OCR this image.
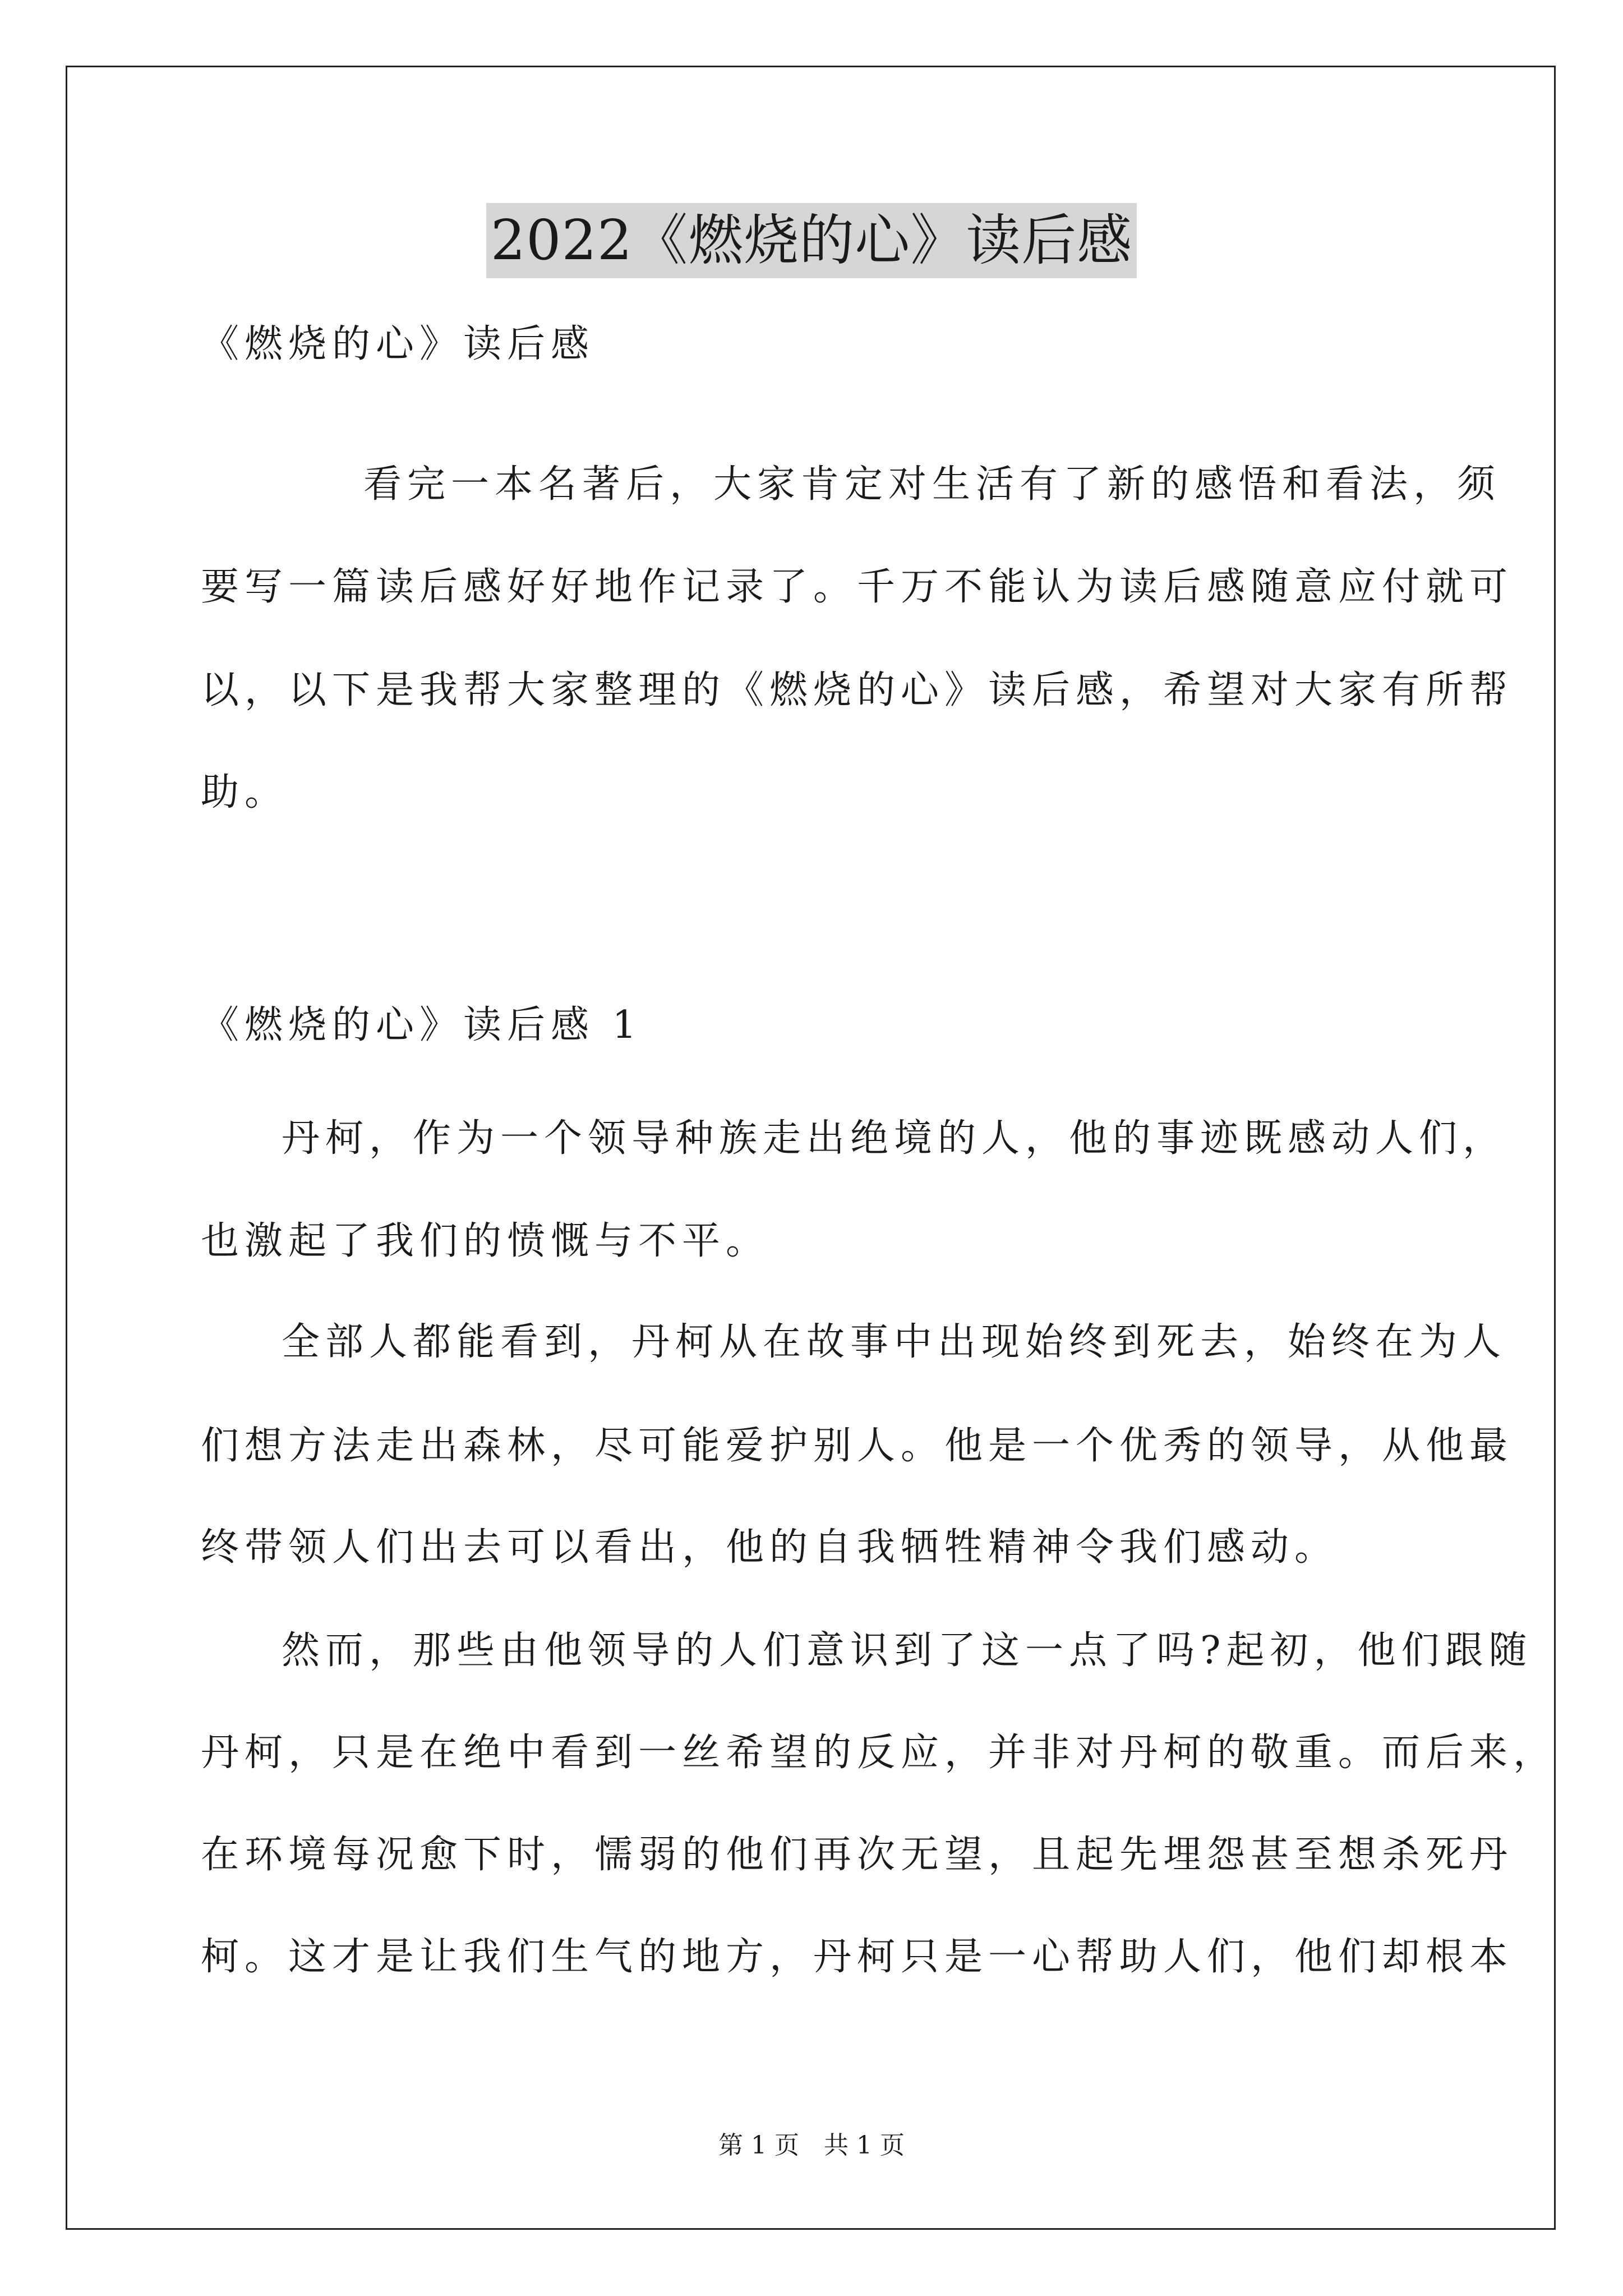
2022《燃烧的心》读后感
《燃烧的心》读后感
看完一本名著后，大家肯定对生活有了新的感悟和看法，须
要写一篇读后感好好地作记录了。千万不能认为读后感随意应付就可
以，以下是我帮大家整理的《燃烧的心》读后感，希望对大家有所帮
助。
《燃烧的心》读后感 1
丹柯，作为一个领导种族走出绝境的人，他的事迹既感动人们，
也激起了我们的愤慨与不平。
全部人都能看到，丹柯从在故事中出现始终到死去，始终在为人
们想方法走出森林，尽可能爱护别人。他是一个优秀的领导，从他最
终带领人们出去可以看出，他的自我牺牲精神令我们感动。
然而，那些由他领导的人们意识到了这一点了吗?起初，他们跟随
丹柯，只是在绝中看到一丝希望的反应，并非对丹柯的敬重。而后来，
在环境每况愈下时，懦弱的他们再次无望，且起先埋怨甚至想杀死丹
柯。这才是让我们生气的地方，丹柯只是一心帮助人们，他们却根本
第 1 页　共 1 页
